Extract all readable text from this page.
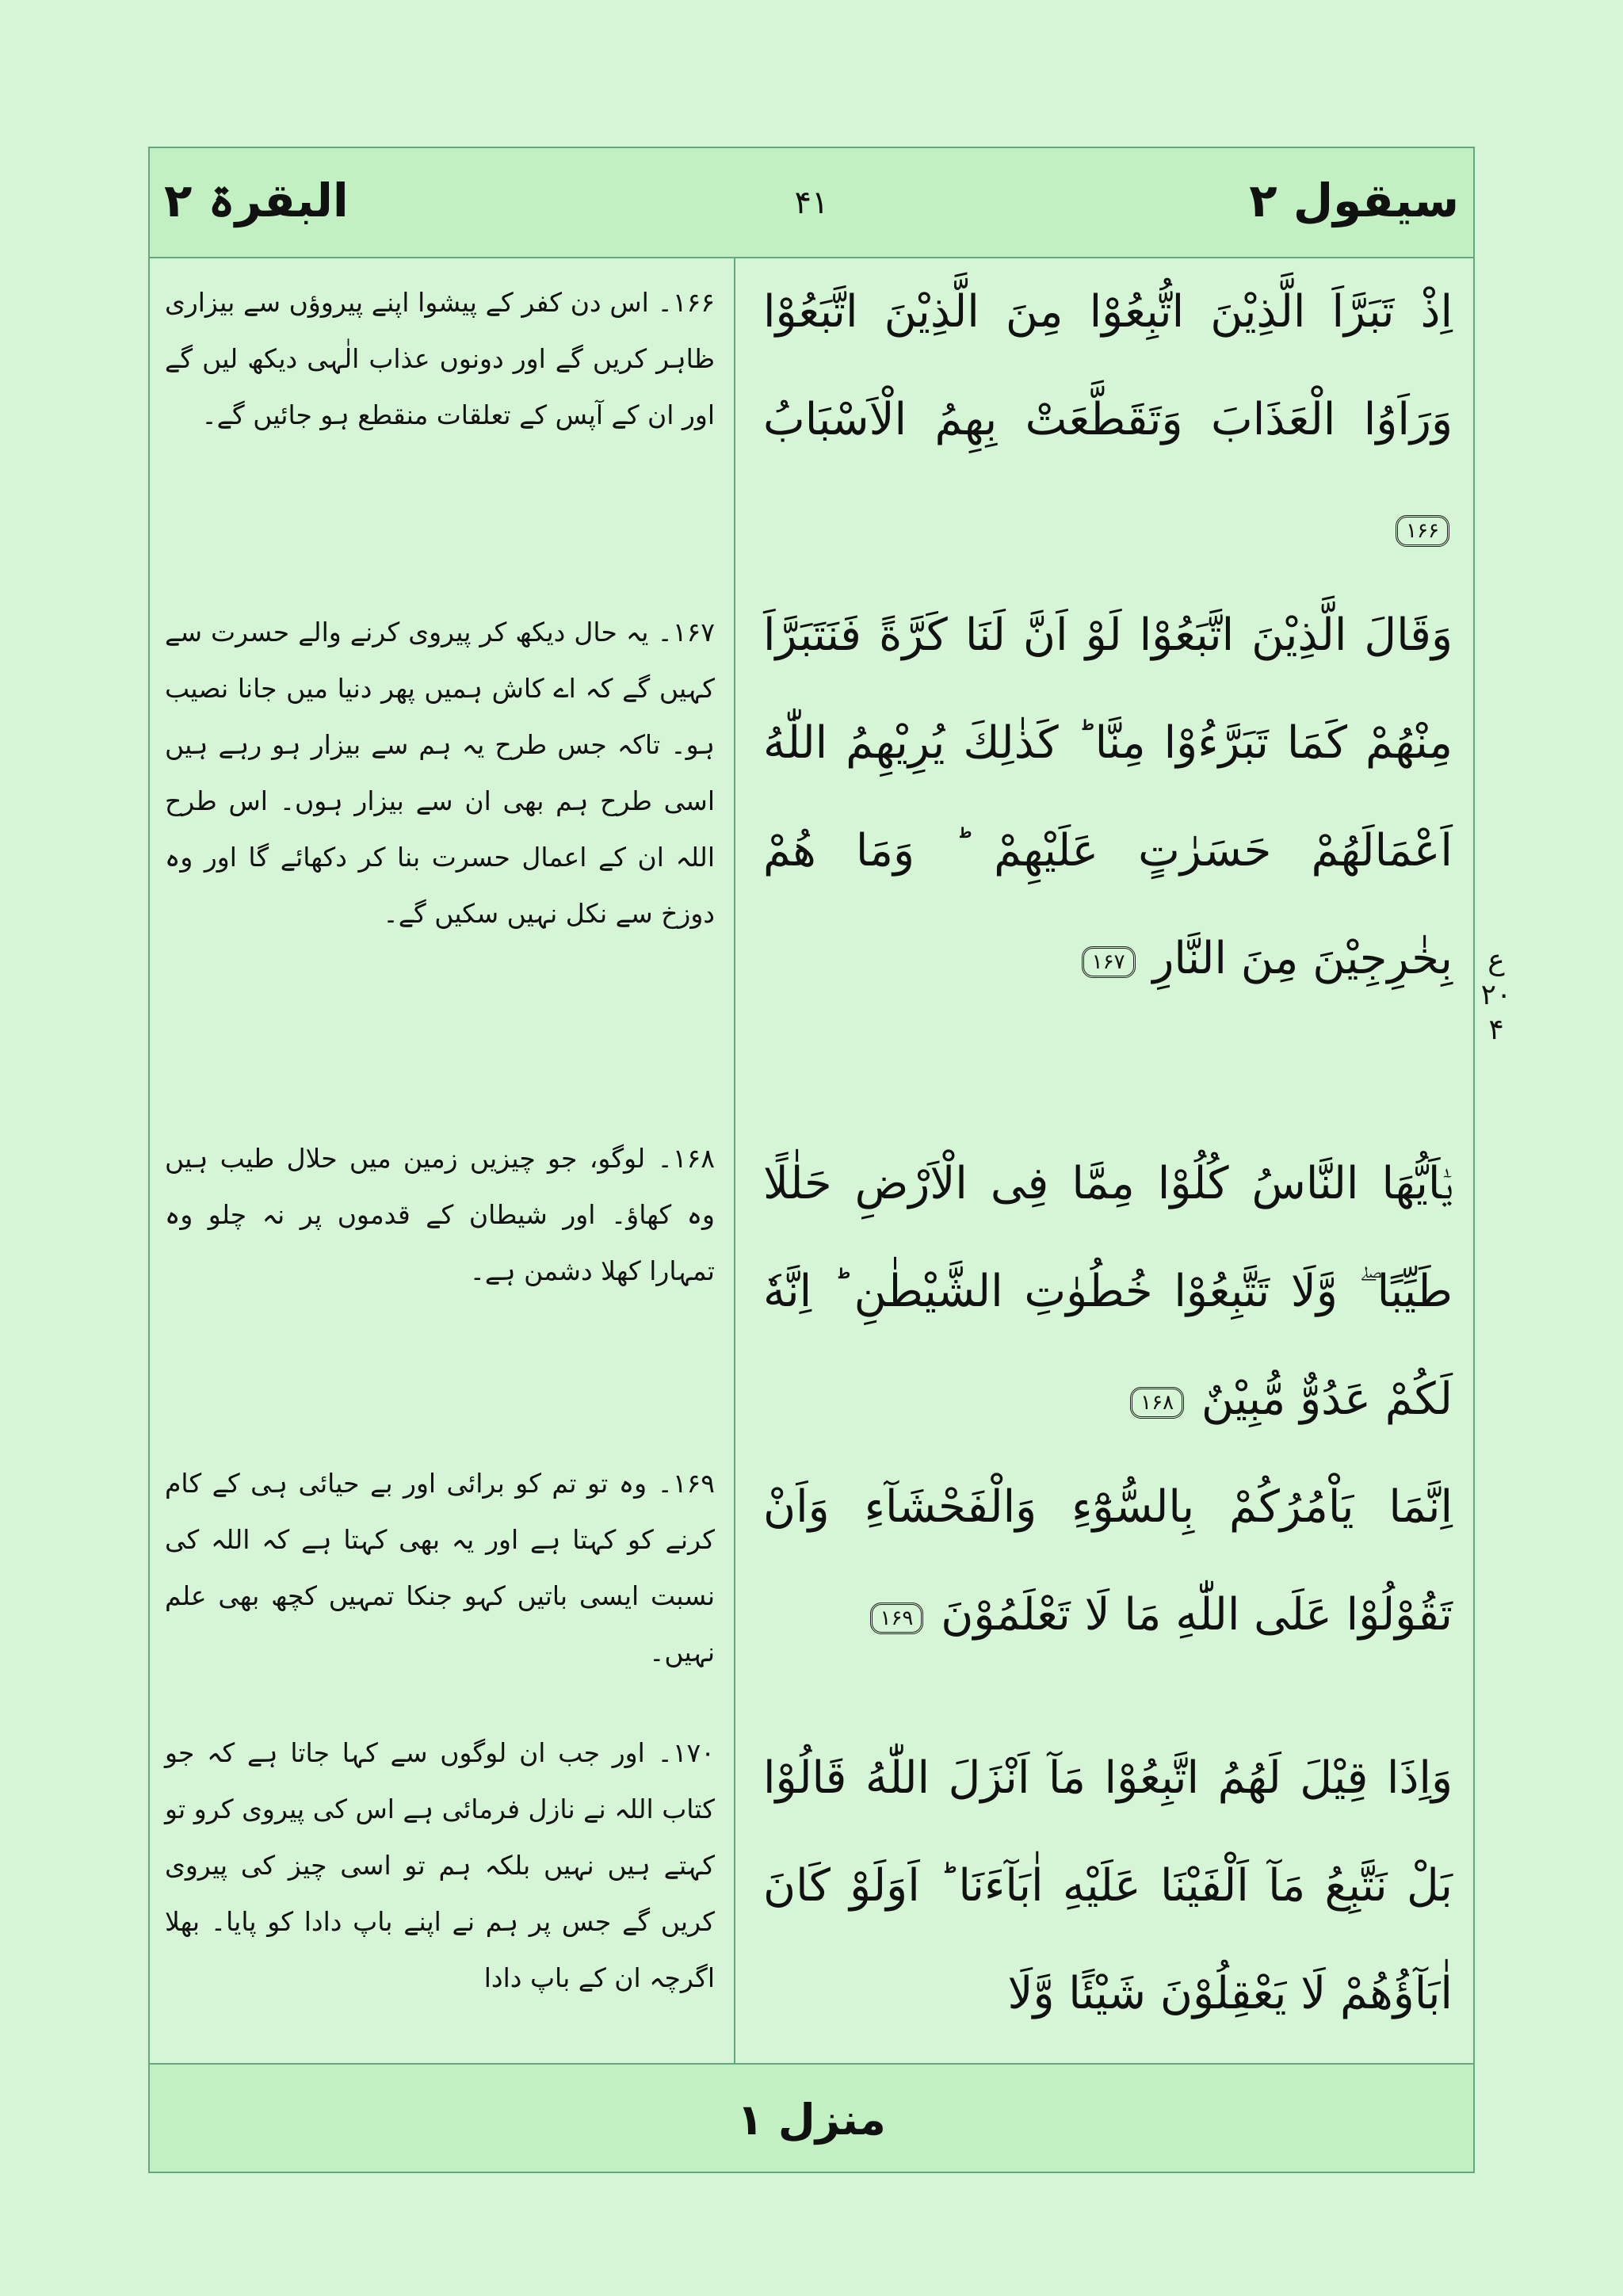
سیقول ۲
۴۱
البقرۃ ۲
اِذْ تَبَرَّاَ الَّذِيْنَ اتُّبِعُوْا مِنَ الَّذِيْنَ اتَّبَعُوْا وَرَاَوُا الْعَذَابَ وَتَقَطَّعَتْ بِهِمُ الْاَسْبَابُ ۱۶۶
وَقَالَ الَّذِيْنَ اتَّبَعُوْا لَوْ اَنَّ لَنَا كَرَّةً فَنَتَبَرَّاَ مِنْهُمْ كَمَا تَبَرَّءُوْا مِنَّا ؕ كَذٰلِكَ يُرِيْهِمُ اللّٰهُ اَعْمَالَهُمْ حَسَرٰتٍ عَلَيْهِمْ ؕ وَمَا هُمْ بِخٰرِجِيْنَ مِنَ النَّارِ ۱۶۷
يٰۤاَيُّهَا النَّاسُ كُلُوْا مِمَّا فِى الْاَرْضِ حَلٰلًا طَيِّبًا ۖ وَّلَا تَتَّبِعُوْا خُطُوٰتِ الشَّيْطٰنِ ؕ اِنَّهٗ لَكُمْ عَدُوٌّ مُّبِيْنٌ ۱۶۸
اِنَّمَا يَاْمُرُكُمْ بِالسُّوْٓءِ وَالْفَحْشَآءِ وَاَنْ تَقُوْلُوْا عَلَى اللّٰهِ مَا لَا تَعْلَمُوْنَ ۱۶۹
وَاِذَا قِيْلَ لَهُمُ اتَّبِعُوْا مَآ اَنْزَلَ اللّٰهُ قَالُوْا بَلْ نَتَّبِعُ مَآ اَلْفَيْنَا عَلَيْهِ اٰبَآءَنَا ؕ اَوَلَوْ كَانَ اٰبَآؤُهُمْ لَا يَعْقِلُوْنَ شَيْئًا وَّلَا
۱۶۶۔ اس دن کفر کے پیشوا اپنے پیروؤں سے بیزاری ظاہر کریں گے اور دونوں عذاب الٰہی دیکھ لیں گے اور ان کے آپس کے تعلقات منقطع ہو جائیں گے۔
۱۶۷۔ یہ حال دیکھ کر پیروی کرنے والے حسرت سے کہیں گے کہ اے کاش ہمیں پھر دنیا میں جانا نصیب ہو۔ تاکہ جس طرح یہ ہم سے بیزار ہو رہے ہیں اسی طرح ہم بھی ان سے بیزار ہوں۔ اس طرح اللہ ان کے اعمال حسرت بنا کر دکھائے گا اور وہ دوزخ سے نکل نہیں سکیں گے۔
۱۶۸۔ لوگو، جو چیزیں زمین میں حلال طیب ہیں وہ کھاؤ۔ اور شیطان کے قدموں پر نہ چلو وہ تمہارا کھلا دشمن ہے۔
۱۶۹۔ وہ تو تم کو برائی اور بے حیائی ہی کے کام کرنے کو کہتا ہے اور یہ بھی کہتا ہے کہ اللہ کی نسبت ایسی باتیں کہو جنکا تمہیں کچھ بھی علم نہیں۔
۱۷۰۔ اور جب ان لوگوں سے کہا جاتا ہے کہ جو کتاب اللہ نے نازل فرمائی ہے اس کی پیروی کرو تو کہتے ہیں نہیں بلکہ ہم تو اسی چیز کی پیروی کریں گے جس پر ہم نے اپنے باپ دادا کو پایا۔ بھلا اگرچہ ان کے باپ دادا
ع ۲۰ ۴
منزل ۱
